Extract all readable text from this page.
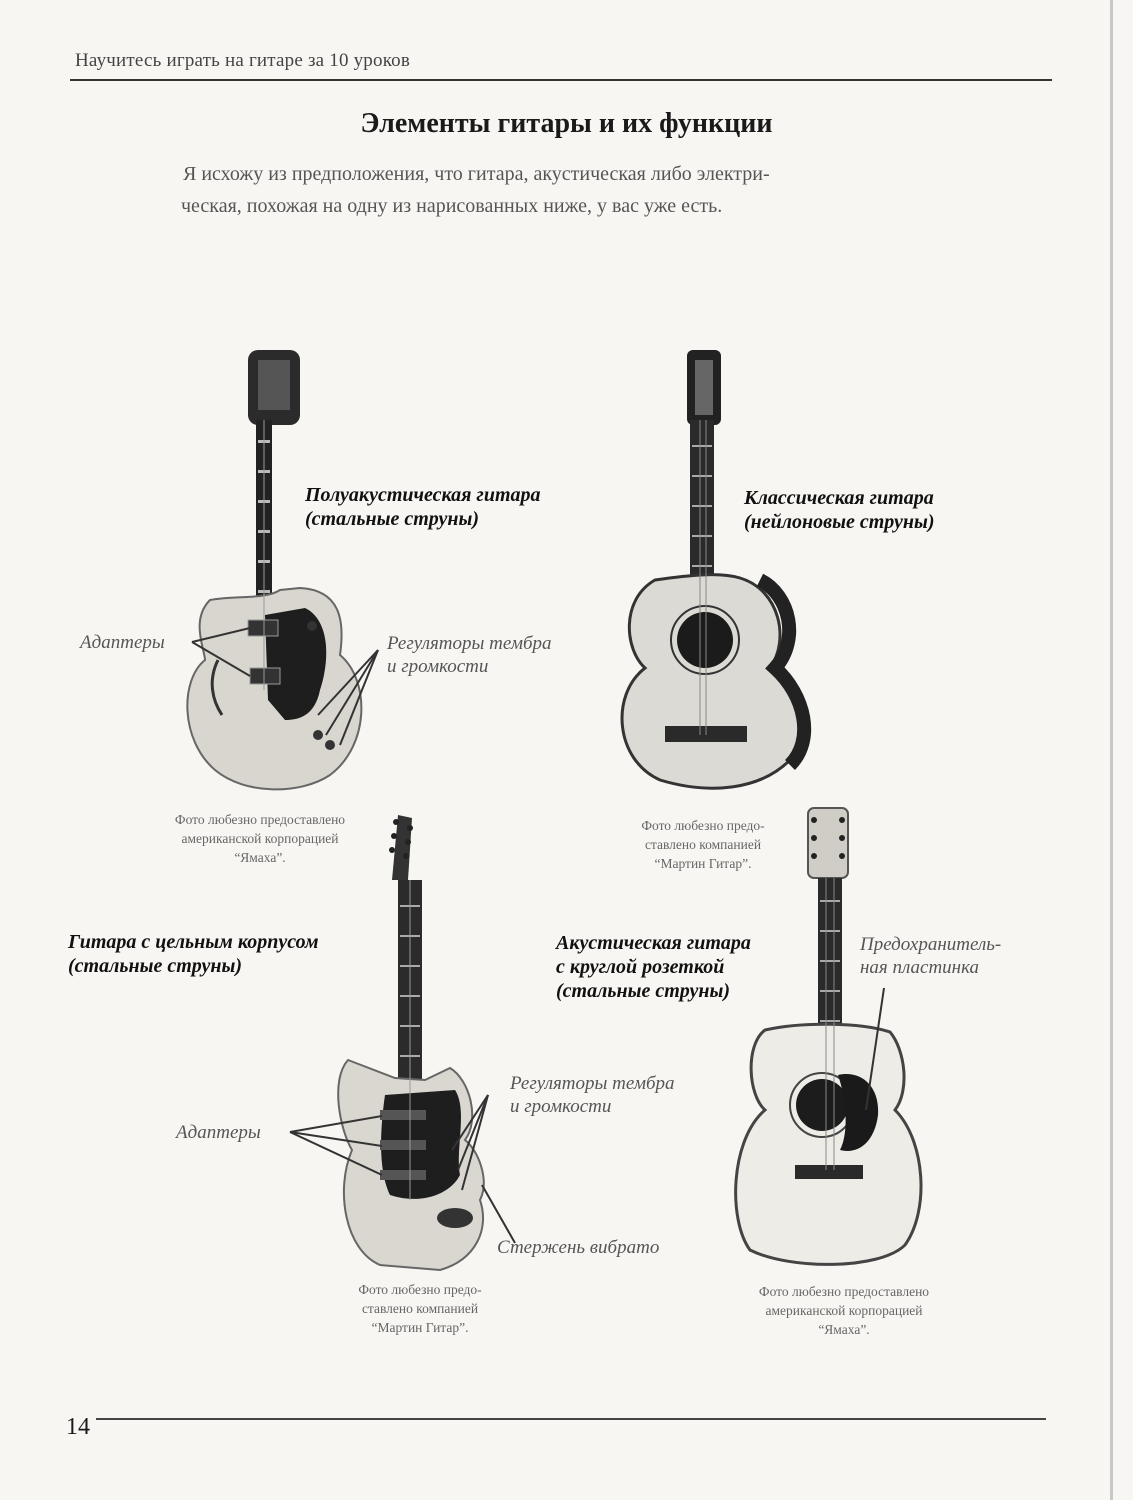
Научитесь играть на гитаре за 10 уроков
Элементы гитары и их функции
Я исхожу из предположения, что гитара, акустическая либо электри-
ческая, похожая на одну из нарисованных ниже, у вас уже есть.
Полуакустическая гитара
(стальные струны)
Адаптеры	Регуляторы тембра
и громкости
Фото любезно предоставлено
американской корпорацией
“Ямаха”.
Классическая гитара
(нейлоновые струны)
Фото любезно предо-
ставлено компанией
“Мартин Гитар”.
Гитара с цельным корпусом
(стальные струны)
Адаптеры
Регуляторы тембра
и громкости
Стержень вибрато
Фото любезно предо-
ставлено компанией
“Мартин Гитар”.
Акустическая гитара
с круглой розеткой
(стальные струны)
Предохранитель-
ная пластинка
Фото любезно предоставлено
американской корпорацией
“Ямаха”.
14
